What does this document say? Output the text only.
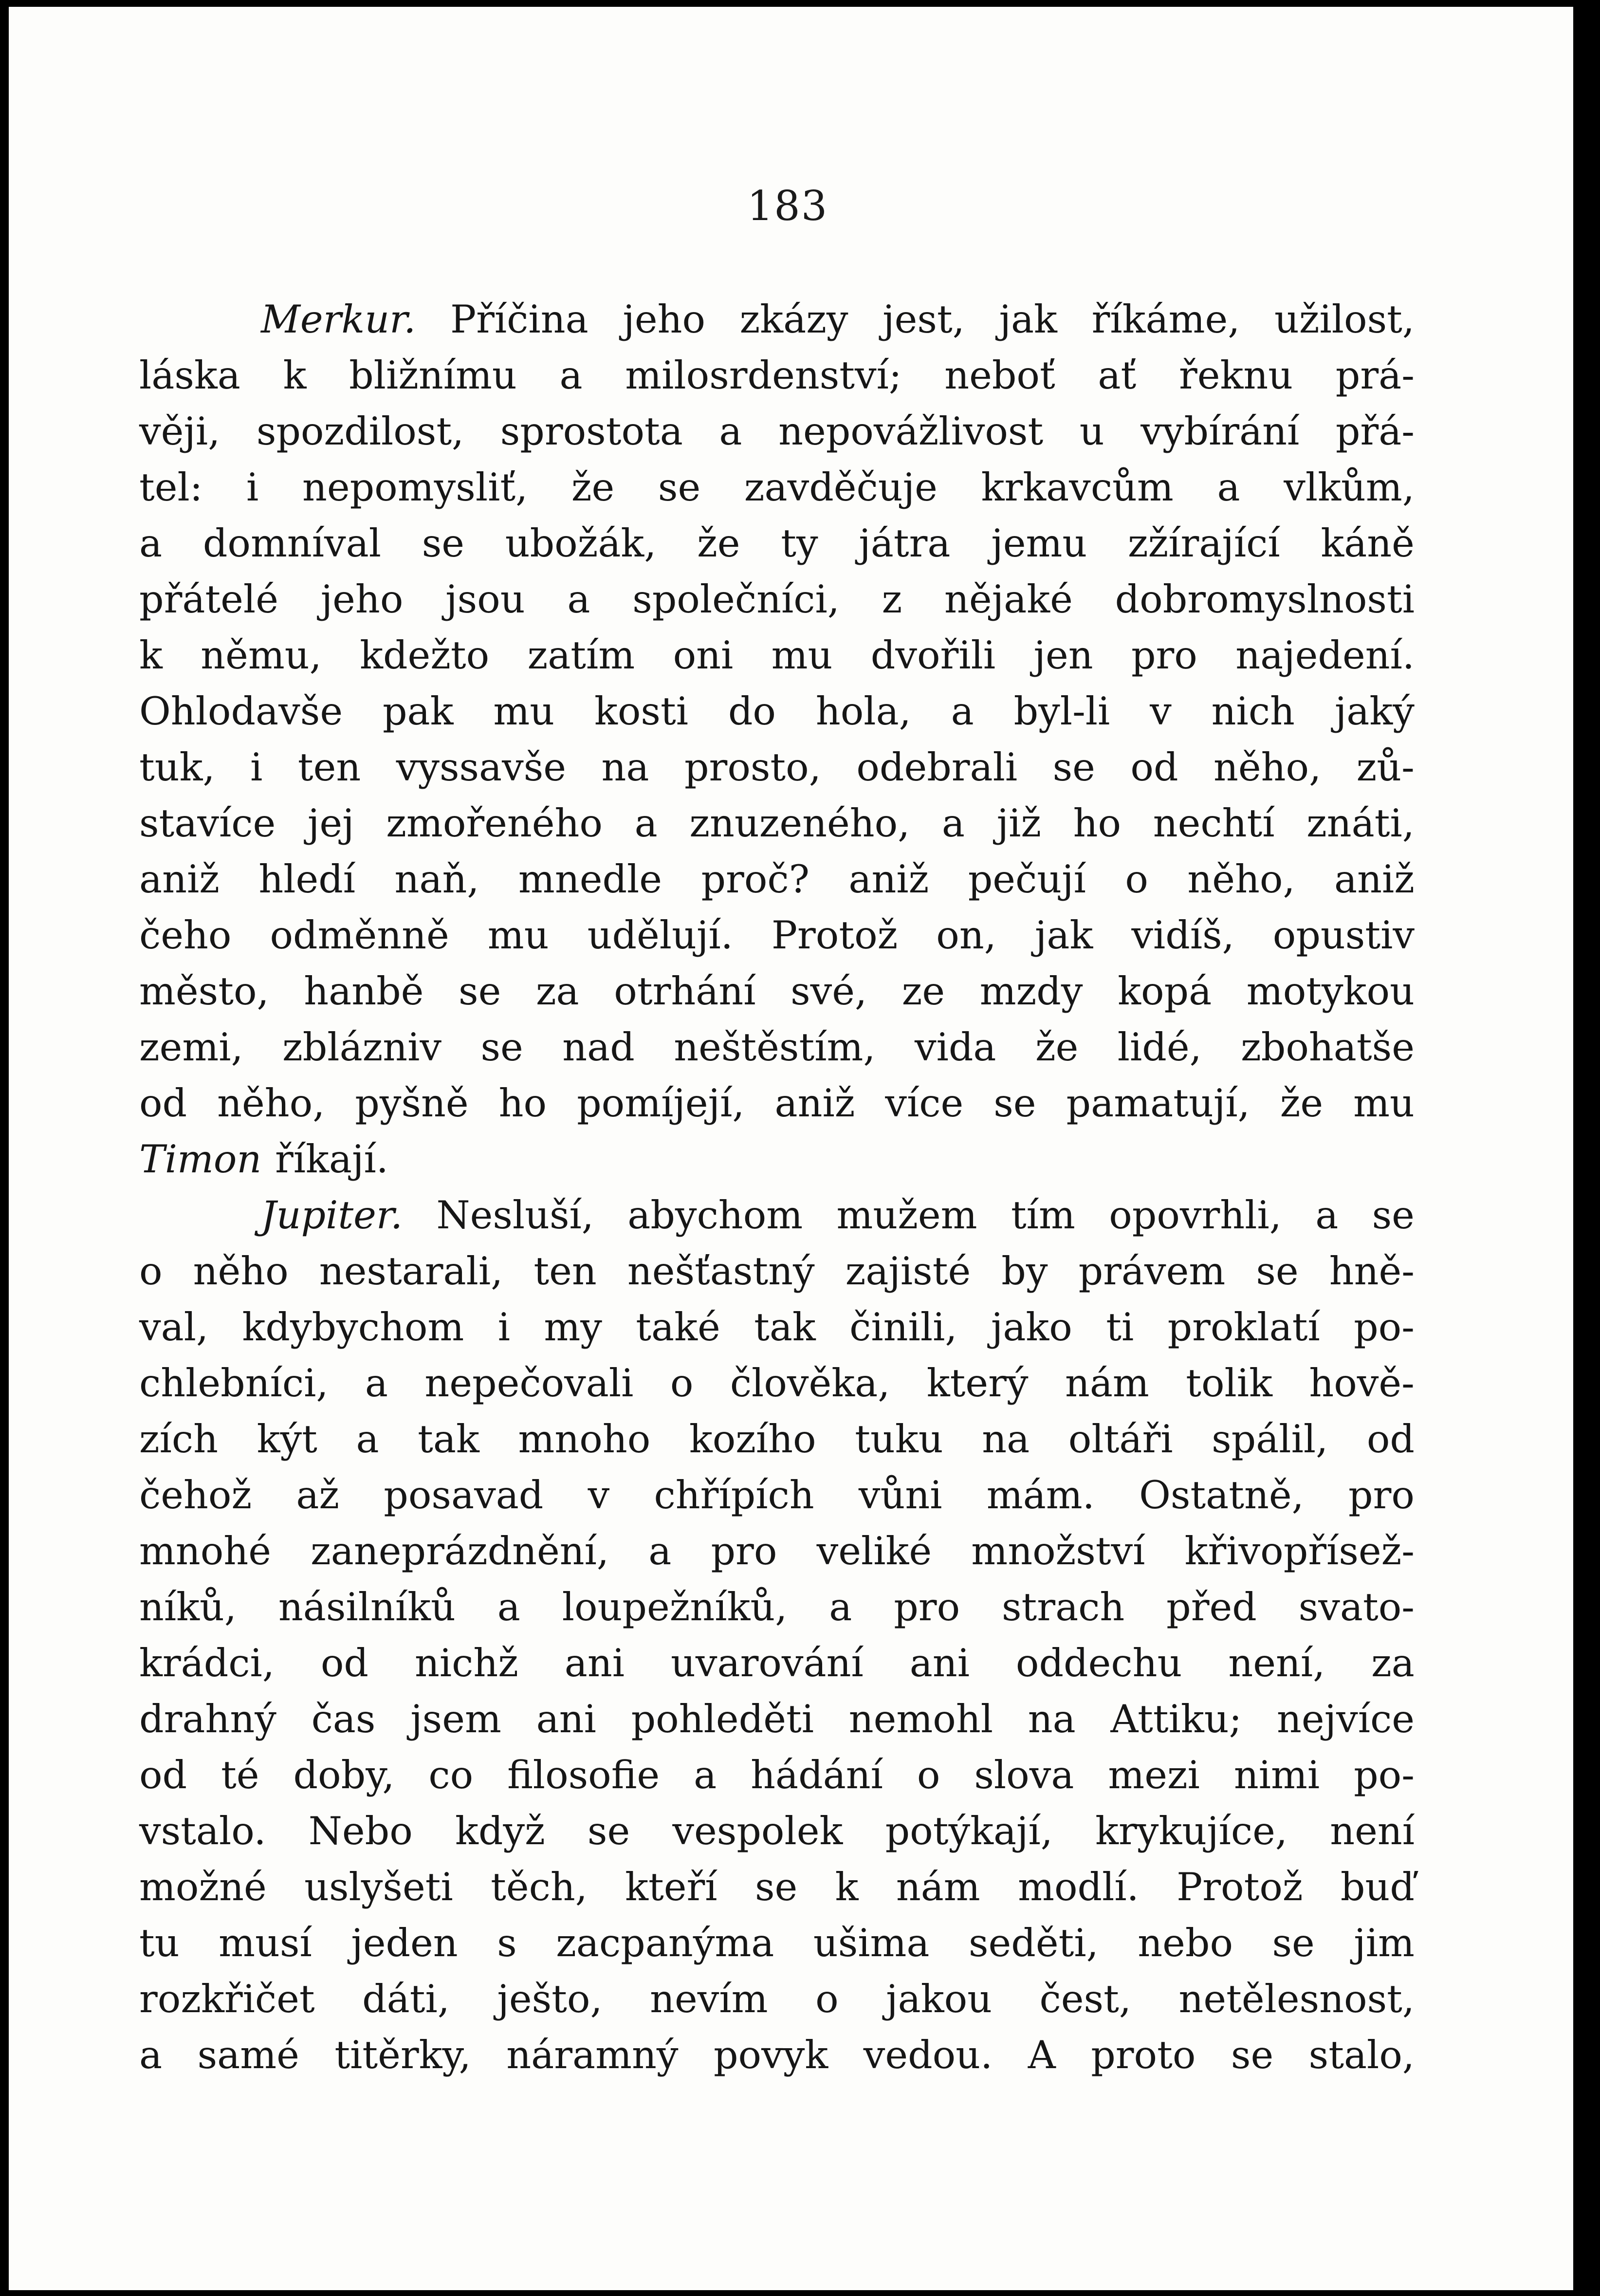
183
Merkur. Příčina jeho zkázy jest, jak říkáme, užilost,
láska k bližnímu a milosrdenství; neboť ať řeknu prá-
věji, spozdilost, sprostota a nepovážlivost u vybírání přá-
tel: i nepomysliť, že se zavděčuje krkavcům a vlkům,
a domníval se ubožák, že ty játra jemu zžírající káně
přátelé jeho jsou a společníci, z nějaké dobromyslnosti
k němu, kdežto zatím oni mu dvořili jen pro najedení.
Ohlodavše pak mu kosti do hola, a byl-li v nich jaký
tuk, i ten vyssavše na prosto, odebrali se od něho, zů-
stavíce jej zmořeného a znuzeného, a již ho nechtí znáti,
aniž hledí naň, mnedle proč? aniž pečují o něho, aniž
čeho odměnně mu udělují. Protož on, jak vidíš, opustiv
město, hanbě se za otrhání své, ze mzdy kopá motykou
zemi, zblázniv se nad neštěstím, vida že lidé, zbohatše
od něho, pyšně ho pomíjejí, aniž více se pamatují, že mu
Timon říkají.
Jupiter. Nesluší, abychom mužem tím opovrhli, a se
o něho nestarali, ten nešťastný zajisté by právem se hně-
val, kdybychom i my také tak činili, jako ti proklatí po-
chlebníci, a nepečovali o člověka, který nám tolik hově-
zích kýt a tak mnoho kozího tuku na oltáři spálil, od
čehož až posavad v chřípích vůni mám. Ostatně, pro
mnohé zaneprázdnění, a pro veliké množství křivopřísež-
níků, násilníků a loupežníků, a pro strach před svato-
krádci, od nichž ani uvarování ani oddechu není, za
drahný čas jsem ani pohleděti nemohl na Attiku; nejvíce
od té doby, co filosofie a hádání o slova mezi nimi po-
vstalo. Nebo když se vespolek potýkají, krykujíce, není
možné uslyšeti těch, kteří se k nám modlí. Protož buď
tu musí jeden s zacpanýma ušima seděti, nebo se jim
rozkřičet dáti, ještо, nevím o jakou čest, netělesnost,
a samé titěrky, náramný povyk vedou. A proto se stalo,
